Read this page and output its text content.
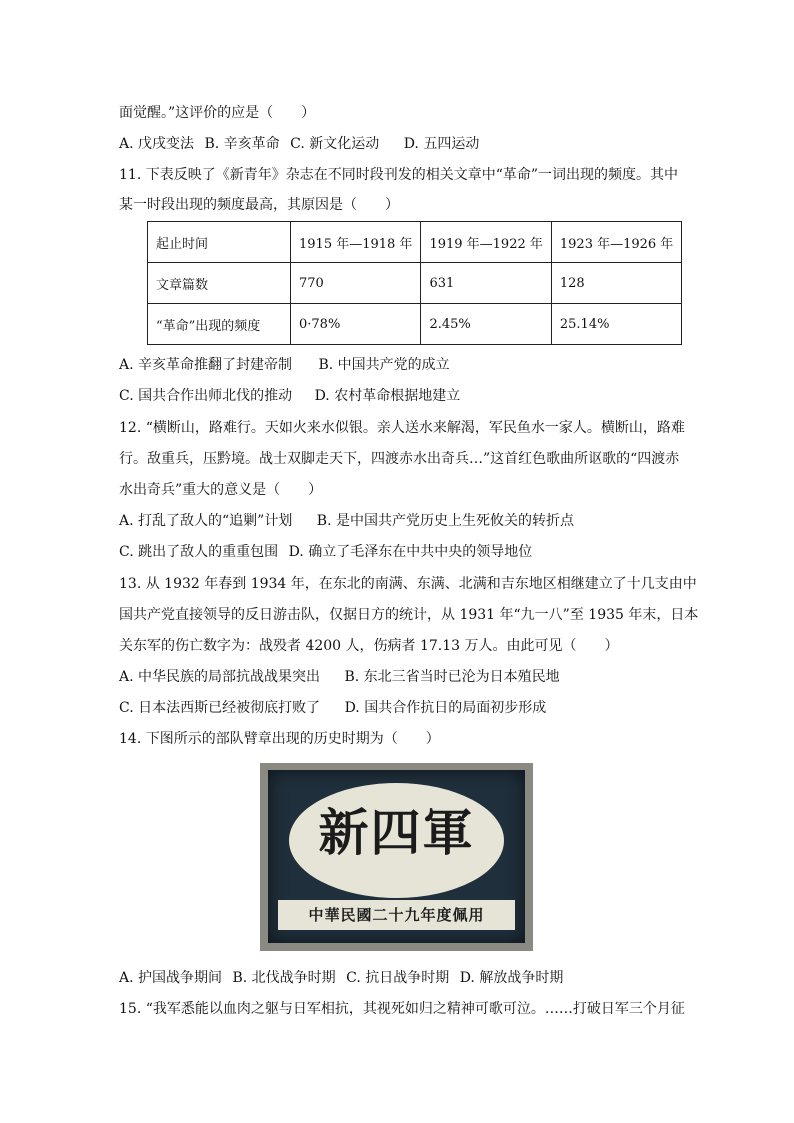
面觉醒。”这评价的应是（　　）
A. 戊戌变法 B. 辛亥革命 C. 新文化运动 D. 五四运动
11. 下表反映了《新青年》杂志在不同时段刊发的相关文章中“革命”一词出现的频度。其中
某一时段出现的频度最高，其原因是（　　）
起止时间	1915 年—1918 年	1919 年—1922 年	1923 年—1926 年
文章篇数	770	631	128
“革命”出现的频度	0·78%	2.45%	25.14%
A. 辛亥革命推翻了封建帝制 B. 中国共产党的成立
C. 国共合作出师北伐的推动 D. 农村革命根据地建立
12. “横断山，路难行。天如火来水似银。亲人送水来解渴，军民鱼水一家人。横断山，路难
行。敌重兵，压黔境。战士双脚走天下，四渡赤水出奇兵…”这首红色歌曲所讴歌的“四渡赤
水出奇兵”重大的意义是（　　）
A. 打乱了敌人的“追剿”计划 B. 是中国共产党历史上生死攸关的转折点
C. 跳出了敌人的重重包围 D. 确立了毛泽东在中共中央的领导地位
13. 从 1932 年春到 1934 年，在东北的南满、东满、北满和吉东地区相继建立了十几支由中
国共产党直接领导的反日游击队，仅据日方的统计，从 1931 年“九一八”至 1935 年末，日本
关东军的伤亡数字为：战殁者 4200 人，伤病者 17.13 万人。由此可见（　　）
A. 中华民族的局部抗战战果突出 B. 东北三省当时已沦为日本殖民地
C. 日本法西斯已经被彻底打败了 D. 国共合作抗日的局面初步形成
14. 下图所示的部队臂章出现的历史时期为（　　）
新四軍
中華民國二十九年度佩用
A. 护国战争期间 B. 北伐战争时期 C. 抗日战争时期 D. 解放战争时期
15. “我军悉能以血肉之躯与日军相抗，其视死如归之精神可歌可泣。……打破日军三个月征
